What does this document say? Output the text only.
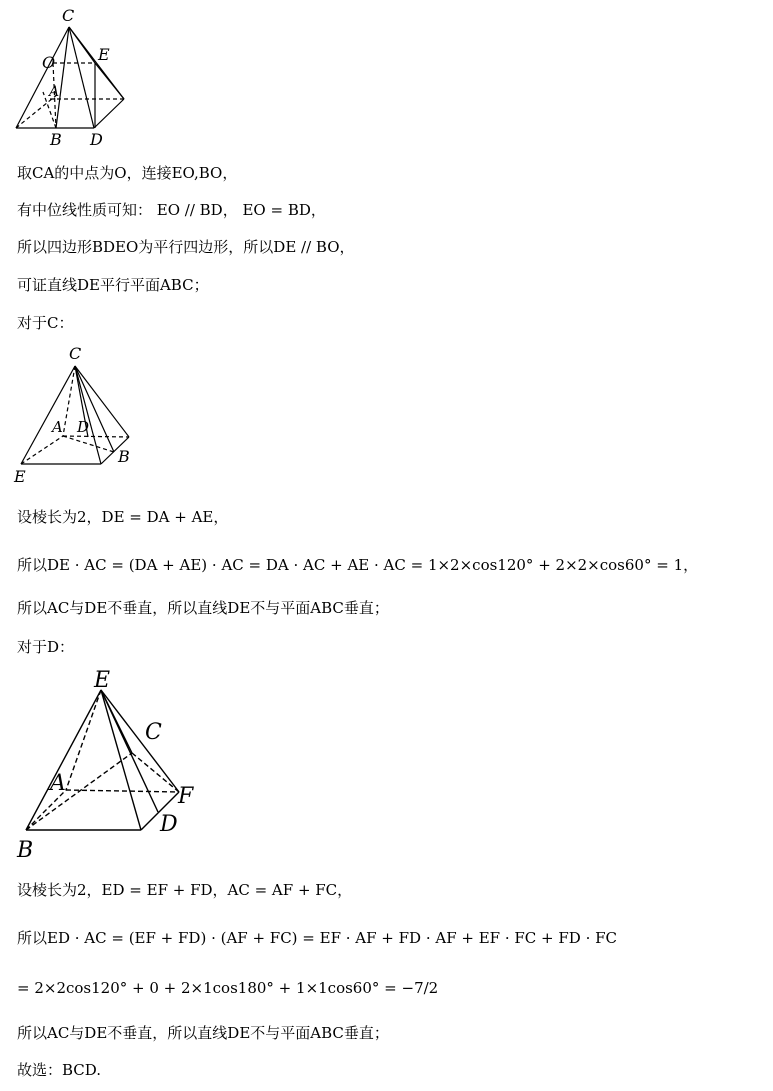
C
E
O
A
B D
取CA的中点为O，连接EO,BO，
有中位线性质可知： EO // BD， EO = BD，
所以四边形BDEO为平行四边形，所以DE // BO，
可证直线DE平行平面ABC；
对于C：
C
A D
E
B
设棱长为2，DE = DA + AE，
所以DE · AC = (DA + AE) · AC = DA · AC + AE · AC = 1×2×cos120° + 2×2×cos60° = 1，
所以AC与DE不垂直，所以直线DE不与平面ABC垂直；
对于D：
E
C
A
F
D
B
设棱长为2，ED = EF + FD，AC = AF + FC，
所以ED · AC = (EF + FD) · (AF + FC) = EF · AF + FD · AF + EF · FC + FD · FC
= 2×2cos120° + 0 + 2×1cos180° + 1×1cos60° = −7/2
所以AC与DE不垂直，所以直线DE不与平面ABC垂直；
故选：BCD.
